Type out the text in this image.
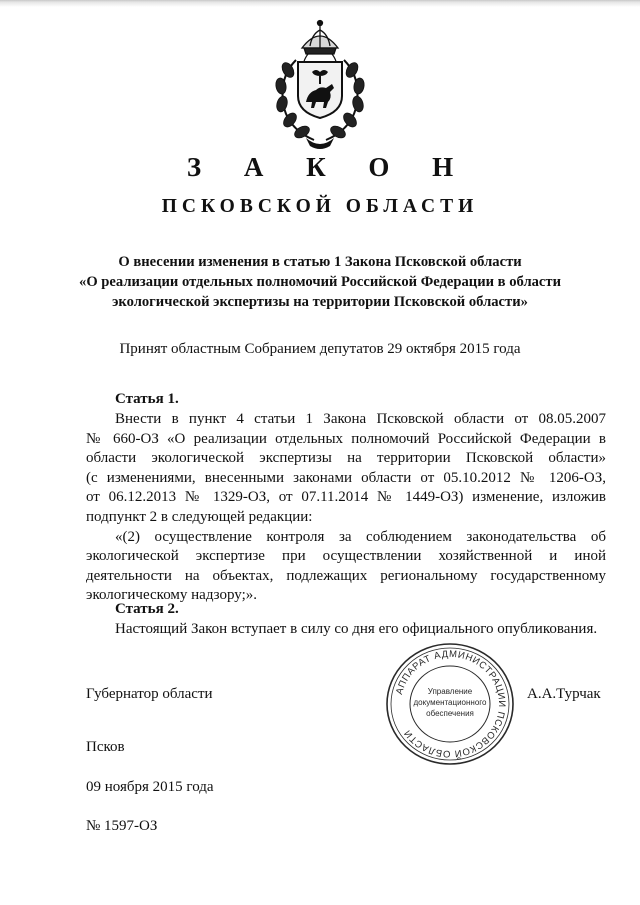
З А К О Н
ПСКОВСКОЙ ОБЛАСТИ
О внесении изменения в статью 1 Закона Псковской области
«О реализации отдельных полномочий Российской Федерации в области
экологической экспертизы на территории Псковской области»
Принят областным Собранием депутатов 29 октября 2015 года
Статья 1.
Внести в пункт 4 статьи 1 Закона Псковской области от 08.05.2007
№ 660-ОЗ «О реализации отдельных полномочий Российской Федерации в
области экологической экспертизы на территории Псковской области»
(с изменениями, внесенными законами области от 05.10.2012 № 1206-ОЗ,
от 06.12.2013 № 1329-ОЗ, от 07.11.2014 № 1449-ОЗ) изменение, изложив
подпункт 2 в следующей редакции:
«(2) осуществление контроля за соблюдением законодательства об
экологической экспертизе при осуществлении хозяйственной и иной
деятельности на объектах, подлежащих региональному государственному
экологическому надзору;».
Статья 2.
Настоящий Закон вступает в силу со дня его официального опубликования.
Губернатор области	А.А.Турчак
АППАРАТ АДМИНИСТРАЦИИ ПСКОВСКОЙ ОБЛАСТИ
Управление
документационного
обеспечения
Псков
09 ноября 2015 года
№ 1597-ОЗ
